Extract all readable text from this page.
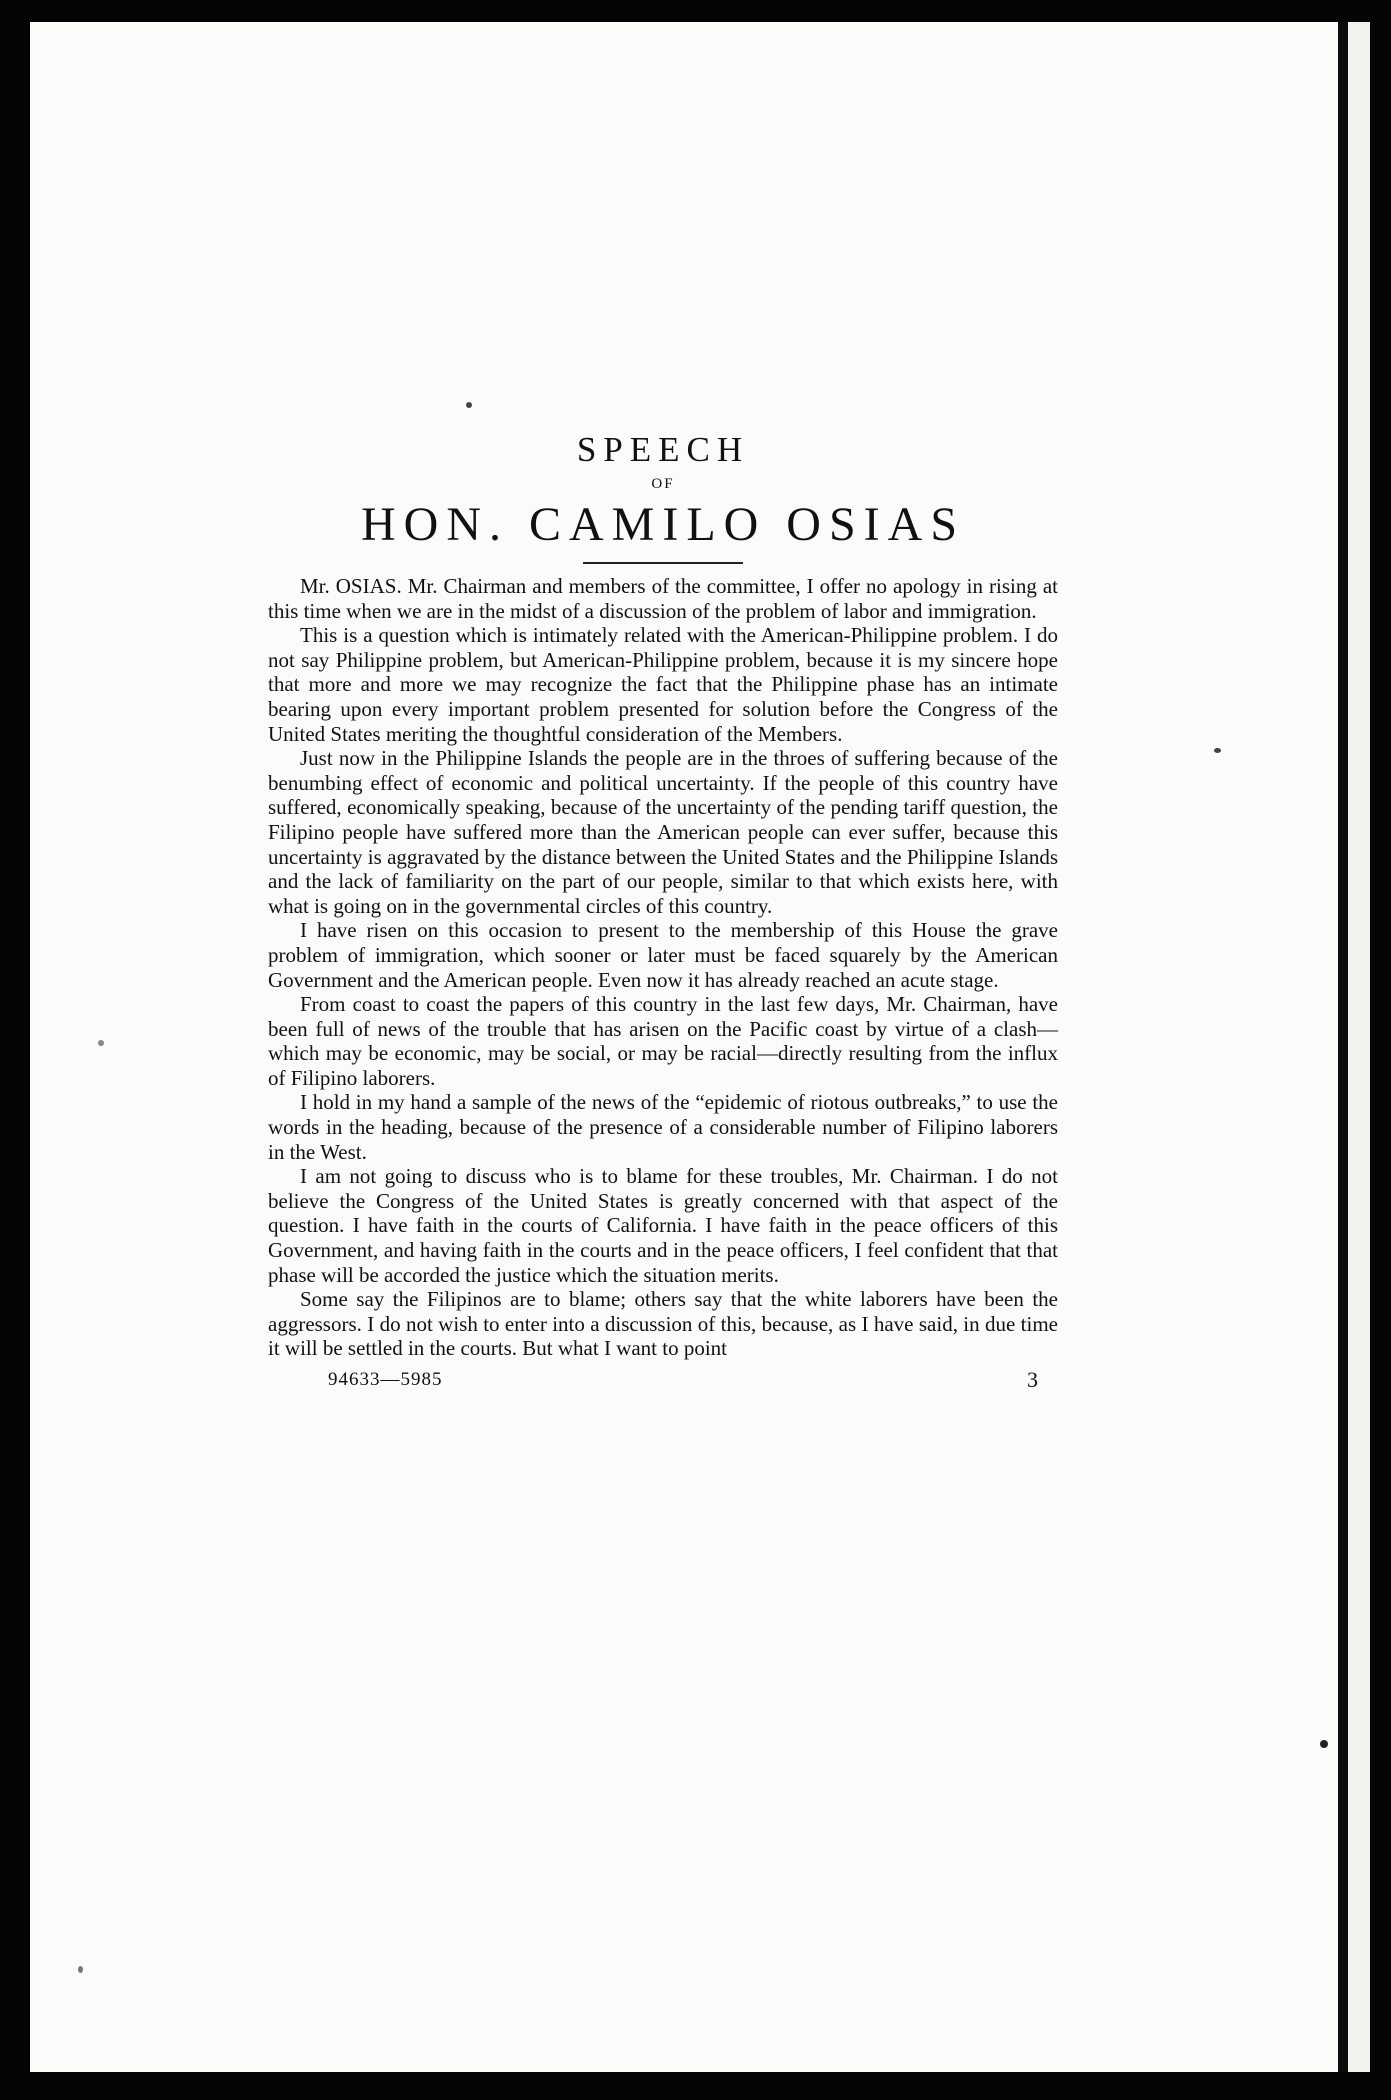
SPEECH
OF
HON. CAMILO OSIAS

Mr. OSIAS. Mr. Chairman and members of the committee, I offer no apology in rising at this time when we are in the midst of a discussion of the problem of labor and immigration.

This is a question which is intimately related with the American-Philippine problem. I do not say Philippine problem, but American-Philippine problem, because it is my sincere hope that more and more we may recognize the fact that the Philippine phase has an intimate bearing upon every important problem presented for solution before the Congress of the United States meriting the thoughtful consideration of the Members.

Just now in the Philippine Islands the people are in the throes of suffering because of the benumbing effect of economic and political uncertainty. If the people of this country have suffered, economically speaking, because of the uncertainty of the pending tariff question, the Filipino people have suffered more than the American people can ever suffer, because this uncertainty is aggravated by the distance between the United States and the Philippine Islands and the lack of familiarity on the part of our people, similar to that which exists here, with what is going on in the governmental circles of this country.

I have risen on this occasion to present to the membership of this House the grave problem of immigration, which sooner or later must be faced squarely by the American Government and the American people. Even now it has already reached an acute stage.

From coast to coast the papers of this country in the last few days, Mr. Chairman, have been full of news of the trouble that has arisen on the Pacific coast by virtue of a clash—which may be economic, may be social, or may be racial—directly resulting from the influx of Filipino laborers.

I hold in my hand a sample of the news of the “epidemic of riotous outbreaks,” to use the words in the heading, because of the presence of a considerable number of Filipino laborers in the West.

I am not going to discuss who is to blame for these troubles, Mr. Chairman. I do not believe the Congress of the United States is greatly concerned with that aspect of the question. I have faith in the courts of California. I have faith in the peace officers of this Government, and having faith in the courts and in the peace officers, I feel confident that that phase will be accorded the justice which the situation merits.

Some say the Filipinos are to blame; others say that the white laborers have been the aggressors. I do not wish to enter into a discussion of this, because, as I have said, in due time it will be settled in the courts. But what I want to point

94633—5985	3
